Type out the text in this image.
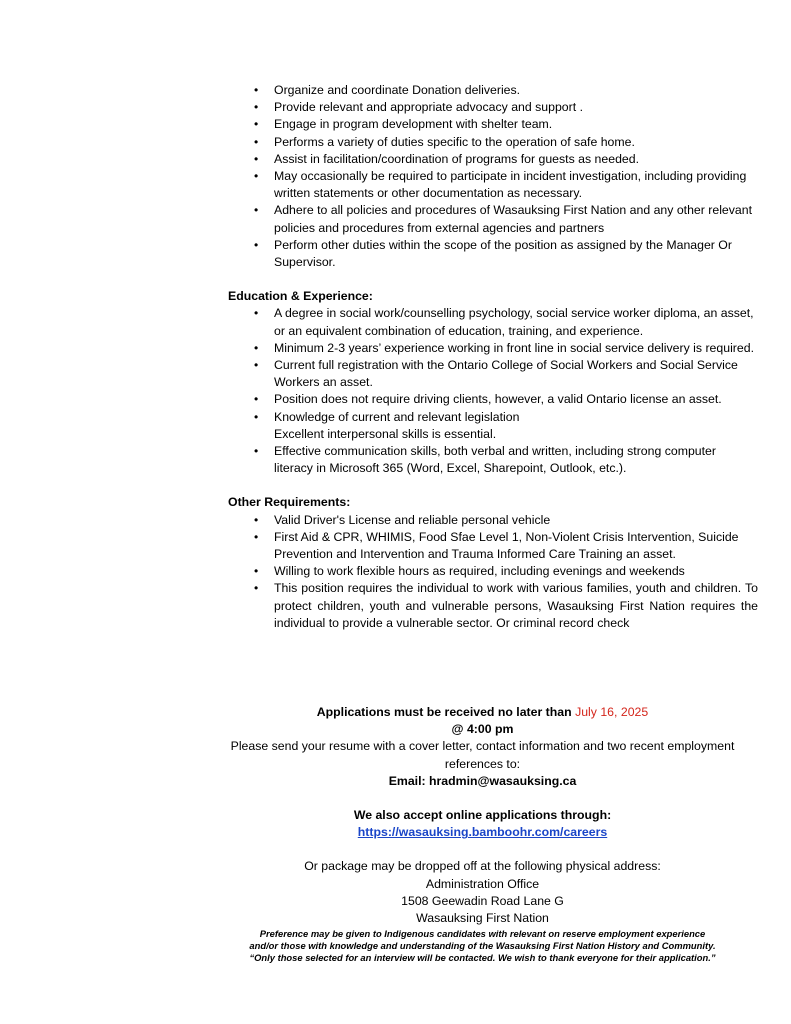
• Organize and coordinate Donation deliveries.
• Provide relevant and appropriate advocacy and support .
• Engage in program development with shelter team.
• Performs a variety of duties specific to the operation of safe home.
• Assist in facilitation/coordination of programs for guests as needed.
• May occasionally be required to participate in incident investigation, including providing written statements or other documentation as necessary.
• Adhere to all policies and procedures of Wasauksing First Nation and any other relevant policies and procedures from external agencies and partners
• Perform other duties within the scope of the position as assigned by the Manager Or Supervisor.
Education & Experience:
• A degree in social work/counselling psychology, social service worker diploma, an asset, or an equivalent combination of education, training, and experience.
• Minimum 2-3 years’ experience working in front line in social service delivery is required.
• Current full registration with the Ontario College of Social Workers and Social Service Workers an asset.
• Position does not require driving clients, however, a valid Ontario license an asset.
• Knowledge of current and relevant legislation
Excellent interpersonal skills is essential.
• Effective communication skills, both verbal and written, including strong computer literacy in Microsoft 365 (Word, Excel, Sharepoint, Outlook, etc.).
Other Requirements:
• Valid Driver's License and reliable personal vehicle
• First Aid & CPR, WHIMIS, Food Sfae Level 1, Non-Violent Crisis Intervention, Suicide Prevention and Intervention and Trauma Informed Care Training an asset.
• Willing to work flexible hours as required, including evenings and weekends
• This position requires the individual to work with various families, youth and children. To protect children, youth and vulnerable persons, Wasauksing First Nation requires the individual to provide a vulnerable sector. Or criminal record check
Applications must be received no later than July 16, 2025
@ 4:00 pm
Please send your resume with a cover letter, contact information and two recent employment references to:
Email: hradmin@wasauksing.ca
We also accept online applications through:
https://wasauksing.bamboohr.com/careers
Or package may be dropped off at the following physical address:
Administration Office
1508 Geewadin Road Lane G
Wasauksing First Nation
Preference may be given to Indigenous candidates with relevant on reserve employment experience
and/or those with knowledge and understanding of the Wasauksing First Nation History and Community.
“Only those selected for an interview will be contacted. We wish to thank everyone for their application.”
